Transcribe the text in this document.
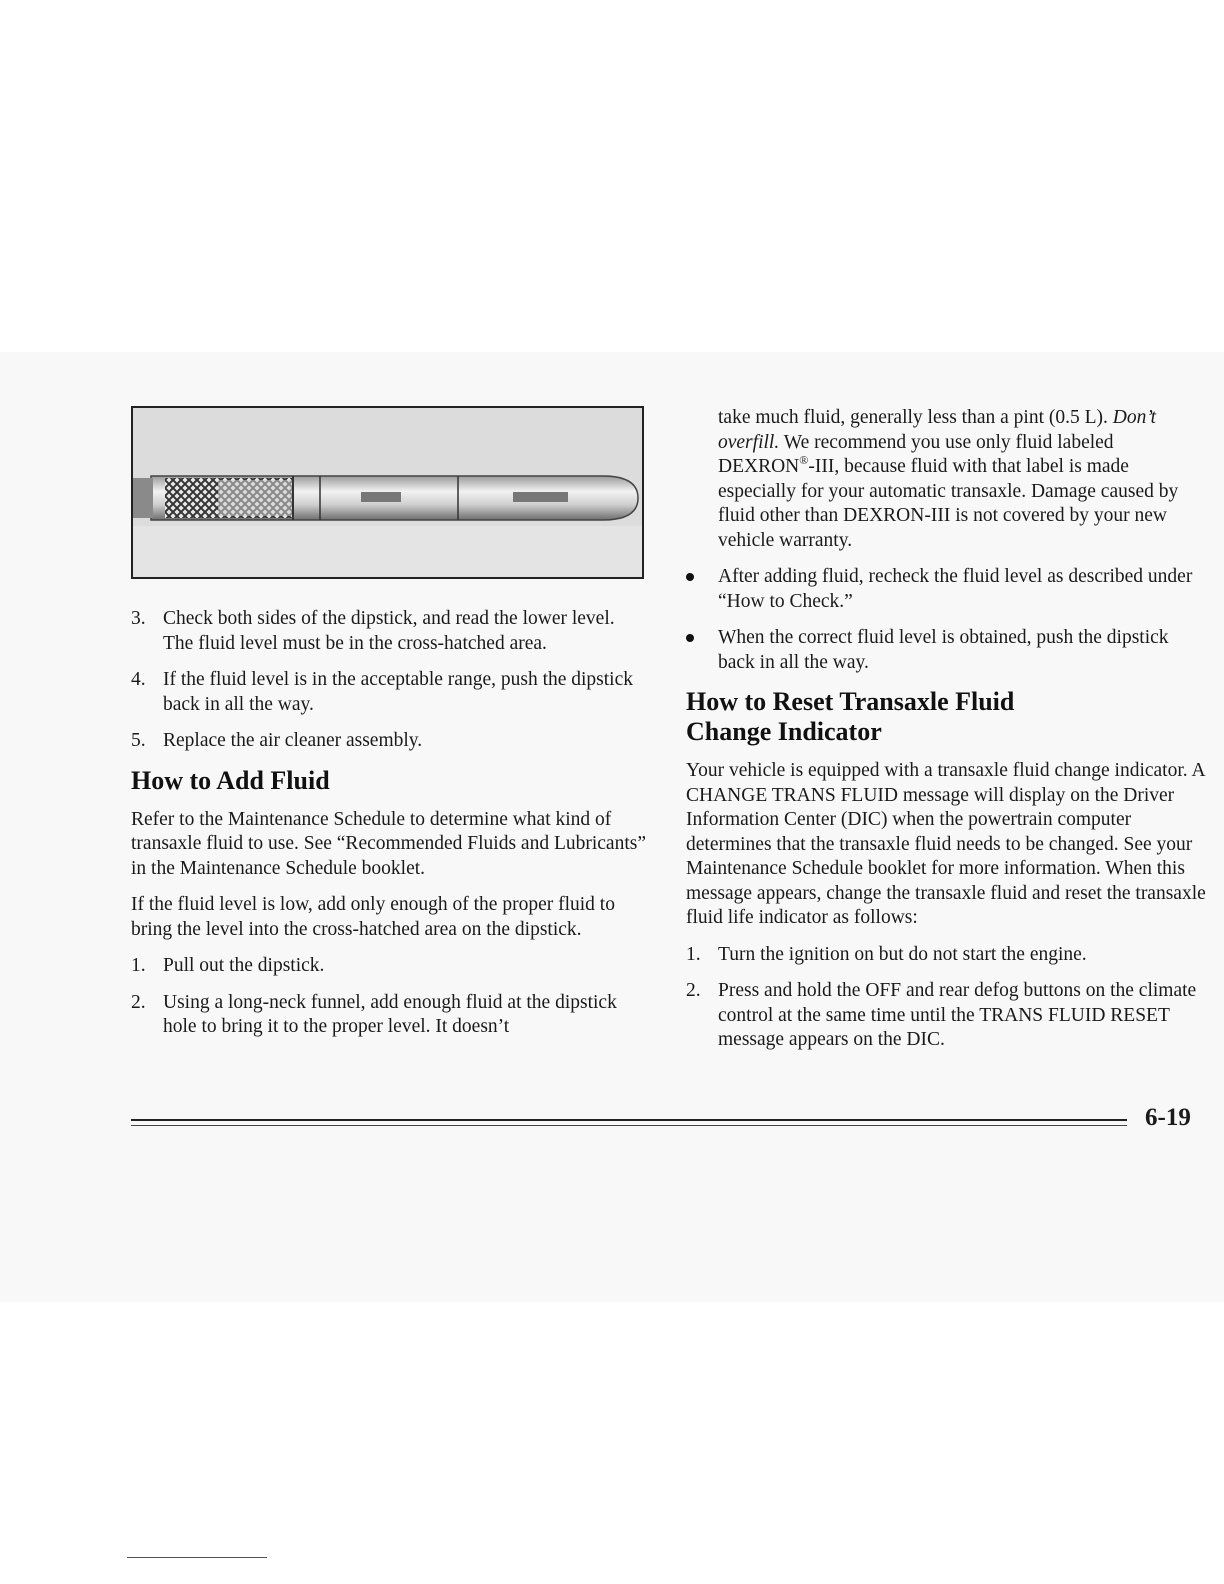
3. Check both sides of the dipstick, and read the lower level. The fluid level must be in the cross-hatched area.
4. If the fluid level is in the acceptable range, push the dipstick back in all the way.
5. Replace the air cleaner assembly.
How to Add Fluid

Refer to the Maintenance Schedule to determine what kind of transaxle fluid to use. See “Recommended Fluids and Lubricants” in the Maintenance Schedule booklet.

If the fluid level is low, add only enough of the proper fluid to bring the level into the cross-hatched area on the dipstick.

1. Pull out the dipstick.
2. Using a long-neck funnel, add enough fluid at the dipstick hole to bring it to the proper level. It doesn’t
take much fluid, generally less than a pint (0.5 L). Don’t overfill. We recommend you use only fluid labeled DEXRON®-III, because fluid with that label is made especially for your automatic transaxle. Damage caused by fluid other than DEXRON-III is not covered by your new vehicle warranty.
After adding fluid, recheck the fluid level as described under “How to Check.”
When the correct fluid level is obtained, push the dipstick back in all the way.
How to Reset Transaxle Fluid
Change Indicator

Your vehicle is equipped with a transaxle fluid change indicator. A CHANGE TRANS FLUID message will display on the Driver Information Center (DIC) when the powertrain computer determines that the transaxle fluid needs to be changed. See your Maintenance Schedule booklet for more information. When this message appears, change the transaxle fluid and reset the transaxle fluid life indicator as follows:

1. Turn the ignition on but do not start the engine.
2. Press and hold the OFF and rear defog buttons on the climate control at the same time until the TRANS FLUID RESET message appears on the DIC.
6-19
